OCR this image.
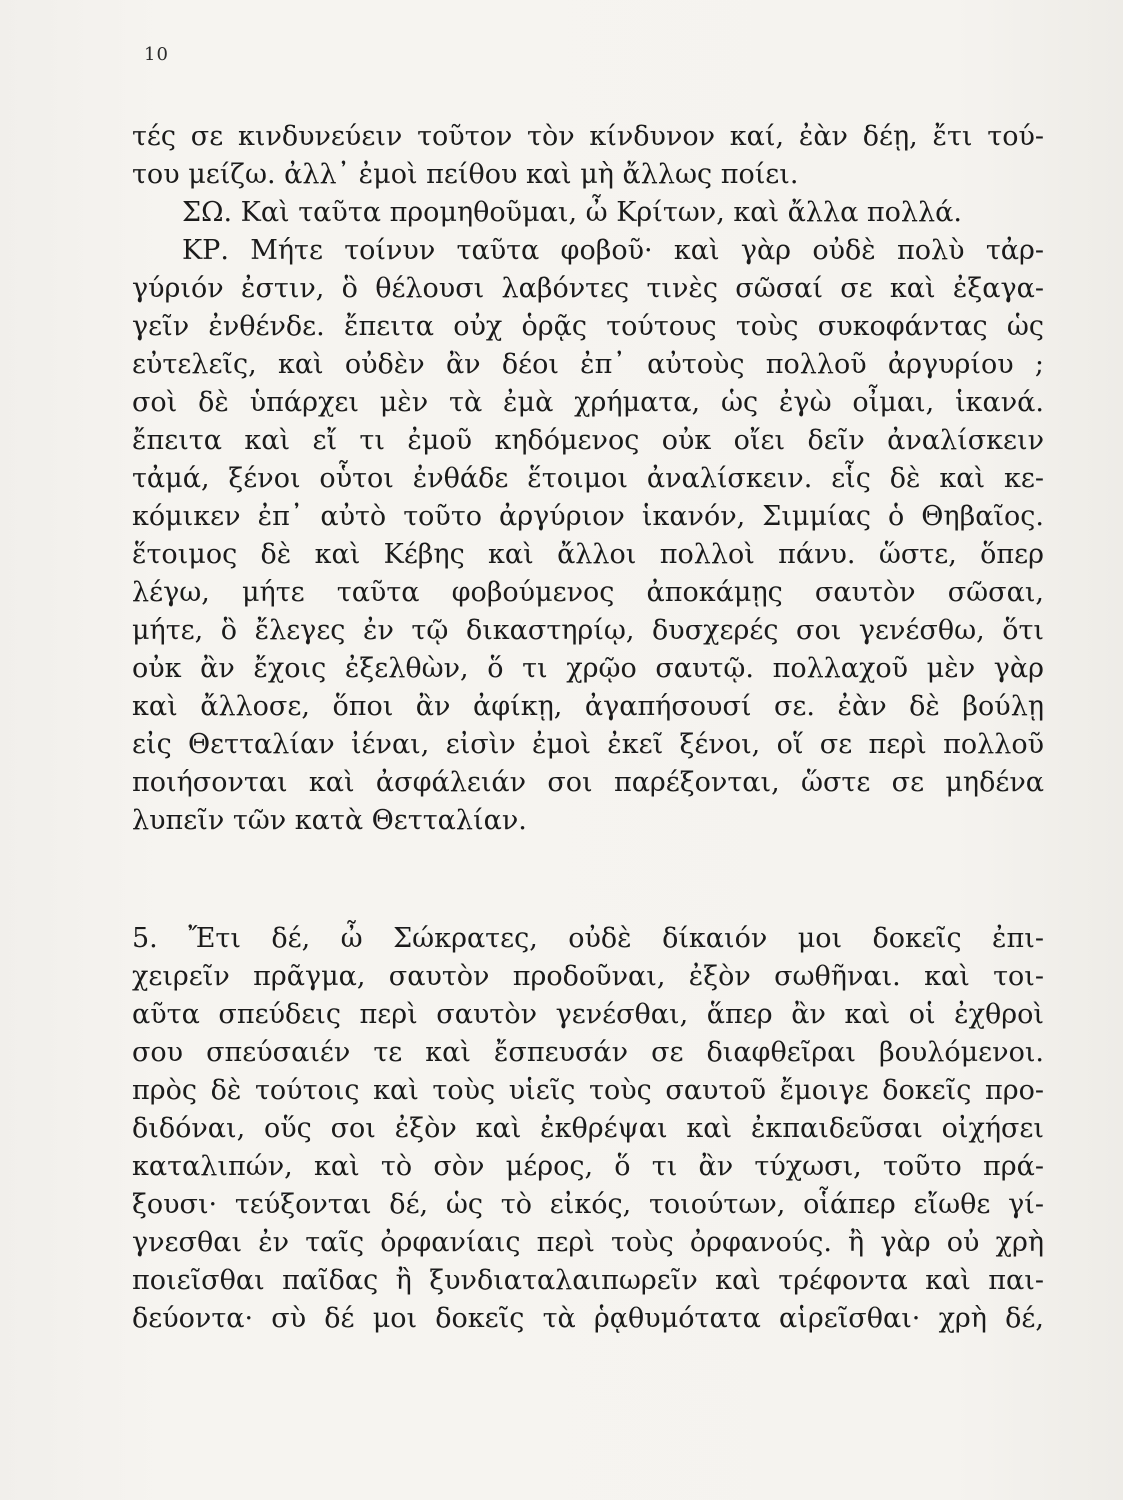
10
τές σε κινδυνεύειν τοῦτον τὸν κίνδυνον καί, ἐὰν δέῃ, ἔτι τού-
του μείζω. ἀλλ᾽ ἐμοὶ πείθου καὶ μὴ ἄλλως ποίει.
ΣΩ. Καὶ ταῦτα προμηθοῦμαι, ὦ Κρίτων, καὶ ἄλλα πολλά.
ΚΡ. Μήτε τοίνυν ταῦτα φοβοῦ· καὶ γὰρ οὐδὲ πολὺ τἀρ-
γύριόν ἐστιν, ὃ θέλουσι λαβόντες τινὲς σῶσαί σε καὶ ἐξαγα-
γεῖν ἐνθένδε. ἔπειτα οὐχ ὁρᾷς τούτους τοὺς συκοφάντας ὡς
εὐτελεῖς, καὶ οὐδὲν ἂν δέοι ἐπ᾽ αὐτοὺς πολλοῦ ἀργυρίου ;
σοὶ δὲ ὑπάρχει μὲν τὰ ἐμὰ χρήματα, ὡς ἐγὼ οἶμαι, ἱκανά.
ἔπειτα καὶ εἴ τι ἐμοῦ κηδόμενος οὐκ οἴει δεῖν ἀναλίσκειν
τἀμά, ξένοι οὗτοι ἐνθάδε ἕτοιμοι ἀναλίσκειν. εἷς δὲ καὶ κε-
κόμικεν ἐπ᾽ αὐτὸ τοῦτο ἀργύριον ἱκανόν, Σιμμίας ὁ Θηβαῖος.
ἕτοιμος δὲ καὶ Κέβης καὶ ἄλλοι πολλοὶ πάνυ. ὥστε, ὅπερ
λέγω, μήτε ταῦτα φοβούμενος ἀποκάμῃς σαυτὸν σῶσαι,
μήτε, ὃ ἔλεγες ἐν τῷ δικαστηρίῳ, δυσχερές σοι γενέσθω, ὅτι
οὐκ ἂν ἔχοις ἐξελθὼν, ὅ τι χρῷο σαυτῷ. πολλαχοῦ μὲν γὰρ
καὶ ἄλλοσε, ὅποι ἂν ἀφίκῃ, ἀγαπήσουσί σε. ἐὰν δὲ βούλῃ
εἰς Θετταλίαν ἰέναι, εἰσὶν ἐμοὶ ἐκεῖ ξένοι, οἵ σε περὶ πολλοῦ
ποιήσονται καὶ ἀσφάλειάν σοι παρέξονται, ὥστε σε μηδένα
λυπεῖν τῶν κατὰ Θετταλίαν.
5. Ἔτι δέ, ὦ Σώκρατες, οὐδὲ δίκαιόν μοι δοκεῖς ἐπι-
χειρεῖν πρᾶγμα, σαυτὸν προδοῦναι, ἐξὸν σωθῆναι. καὶ τοι-
αῦτα σπεύδεις περὶ σαυτὸν γενέσθαι, ἅπερ ἂν καὶ οἱ ἐχθροὶ
σου σπεύσαιέν τε καὶ ἔσπευσάν σε διαφθεῖραι βουλόμενοι.
πρὸς δὲ τούτοις καὶ τοὺς υἱεῖς τοὺς σαυτοῦ ἔμοιγε δοκεῖς προ-
διδόναι, οὕς σοι ἐξὸν καὶ ἐκθρέψαι καὶ ἐκπαιδεῦσαι οἰχήσει
καταλιπών, καὶ τὸ σὸν μέρος, ὅ τι ἂν τύχωσι, τοῦτο πρά-
ξουσι· τεύξονται δέ, ὡς τὸ εἰκός, τοιούτων, οἷάπερ εἴωθε γί-
γνεσθαι ἐν ταῖς ὀρφανίαις περὶ τοὺς ὀρφανούς. ἢ γὰρ οὐ χρὴ
ποιεῖσθαι παῖδας ἢ ξυνδιαταλαιπωρεῖν καὶ τρέφοντα καὶ παι-
δεύοντα· σὺ δέ μοι δοκεῖς τὰ ῥᾳθυμότατα αἱρεῖσθαι· χρὴ δέ,
